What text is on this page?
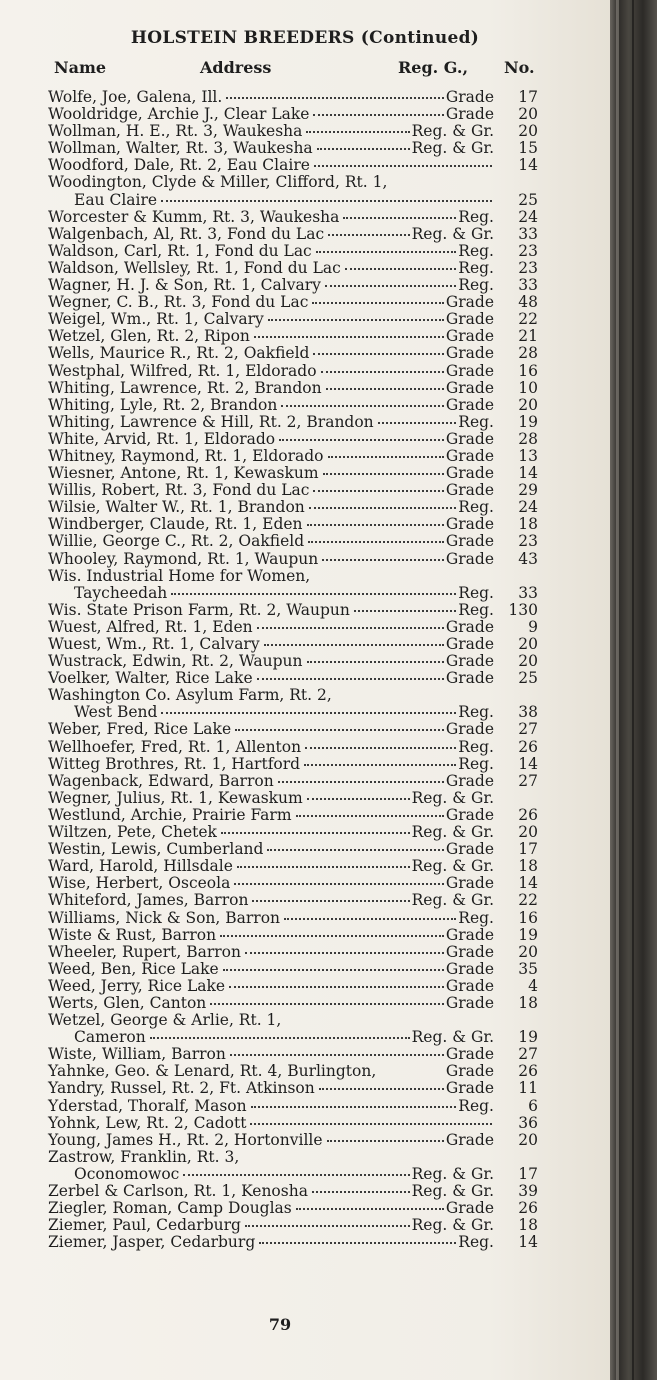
HOLSTEIN BREEDERS (Continued)
Name	Address	Reg. G., No.
Wolfe, Joe, Galena, Ill.	Grade	17
Wooldridge, Archie J., Clear Lake	Grade	20
Wollman, H. E., Rt. 3, Waukesha	Reg. & Gr.	20
Wollman, Walter, Rt. 3, Waukesha	Reg. & Gr.	15
Woodford, Dale, Rt. 2, Eau Claire	14
Woodington, Clyde & Miller, Clifford, Rt. 1,
Eau Claire	25
Worcester & Kumm, Rt. 3, Waukesha	Reg.	24
Walgenbach, Al, Rt. 3, Fond du Lac	Reg. & Gr.	33
Waldson, Carl, Rt. 1, Fond du Lac	Reg.	23
Waldson, Wellsley, Rt. 1, Fond du Lac	Reg.	23
Wagner, H. J. & Son, Rt. 1, Calvary	Reg.	33
Wegner, C. B., Rt. 3, Fond du Lac	Grade	48
Weigel, Wm., Rt. 1, Calvary	Grade	22
Wetzel, Glen, Rt. 2, Ripon	Grade	21
Wells, Maurice R., Rt. 2, Oakfield	Grade	28
Westphal, Wilfred, Rt. 1, Eldorado	Grade	16
Whiting, Lawrence, Rt. 2, Brandon	Grade	10
Whiting, Lyle, Rt. 2, Brandon	Grade	20
Whiting, Lawrence & Hill, Rt. 2, Brandon	Reg.	19
White, Arvid, Rt. 1, Eldorado	Grade	28
Whitney, Raymond, Rt. 1, Eldorado	Grade	13
Wiesner, Antone, Rt. 1, Kewaskum	Grade	14
Willis, Robert, Rt. 3, Fond du Lac	Grade	29
Wilsie, Walter W., Rt. 1, Brandon	Reg.	24
Windberger, Claude, Rt. 1, Eden	Grade	18
Willie, George C., Rt. 2, Oakfield	Grade	23
Whooley, Raymond, Rt. 1, Waupun	Grade	43
Wis. Industrial Home for Women,
Taycheedah	Reg.	33
Wis. State Prison Farm, Rt. 2, Waupun	Reg. 130
Wuest, Alfred, Rt. 1, Eden	Grade	9
Wuest, Wm., Rt. 1, Calvary	Grade	20
Wustrack, Edwin, Rt. 2, Waupun	Grade	20
Voelker, Walter, Rice Lake	Grade	25
Washington Co. Asylum Farm, Rt. 2,
West Bend	Reg.	38
Weber, Fred, Rice Lake	Grade	27
Wellhoefer, Fred, Rt. 1, Allenton	Reg.	26
Witteg Brothres, Rt. 1, Hartford	Reg.	14
Wagenback, Edward, Barron	Grade	27
Wegner, Julius, Rt. 1, Kewaskum	Reg. & Gr.
Westlund, Archie, Prairie Farm	Grade	26
Wiltzen, Pete, Chetek	Reg. & Gr.	20
Westin, Lewis, Cumberland	Grade	17
Ward, Harold, Hillsdale	Reg. & Gr.	18
Wise, Herbert, Osceola	Grade	14
Whiteford, James, Barron	Reg. & Gr.	22
Williams, Nick & Son, Barron	Reg.	16
Wiste & Rust, Barron	Grade	19
Wheeler, Rupert, Barron	Grade	20
Weed, Ben, Rice Lake	Grade	35
Weed, Jerry, Rice Lake	Grade	4
Werts, Glen, Canton	Grade	18
Wetzel, George & Arlie, Rt. 1,
Cameron	Reg. & Gr.	19
Wiste, William, Barron	Grade	27
Yahnke, Geo. & Lenard, Rt. 4, Burlington,	Grade	26
Yandry, Russel, Rt. 2, Ft. Atkinson	Grade	11
Yderstad, Thoralf, Mason	Reg.	6
Yohnk, Lew, Rt. 2, Cadott	36
Young, James H., Rt. 2, Hortonville	Grade	20
Zastrow, Franklin, Rt. 3,
Oconomowoc	Reg. & Gr.	17
Zerbel & Carlson, Rt. 1, Kenosha	Reg. & Gr.	39
Ziegler, Roman, Camp Douglas	Grade	26
Ziemer, Paul, Cedarburg	Reg. & Gr.	18
Ziemer, Jasper, Cedarburg	Reg.	14
79
